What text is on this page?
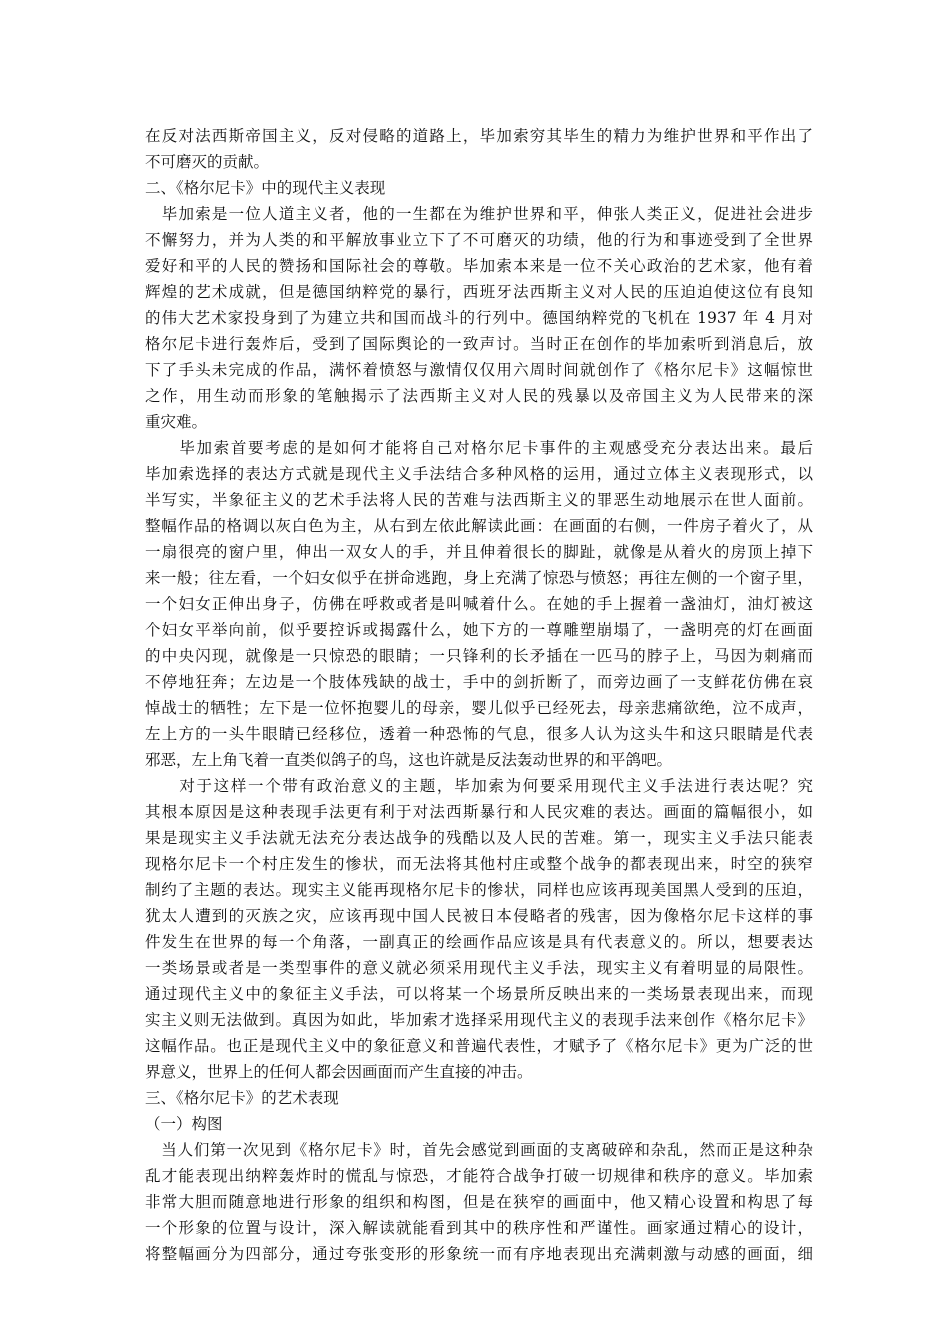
在反对法西斯帝国主义，反对侵略的道路上，毕加索穷其毕生的精力为维护世界和平作出了
不可磨灭的贡献。
二、《格尔尼卡》中的现代主义表现
　毕加索是一位人道主义者，他的一生都在为维护世界和平，伸张人类正义，促进社会进步
不懈努力，并为人类的和平解放事业立下了不可磨灭的功绩，他的行为和事迹受到了全世界
爱好和平的人民的赞扬和国际社会的尊敬。毕加索本来是一位不关心政治的艺术家，他有着
辉煌的艺术成就，但是德国纳粹党的暴行，西班牙法西斯主义对人民的压迫迫使这位有良知
的伟大艺术家投身到了为建立共和国而战斗的行列中。德国纳粹党的飞机在 1937 年 4 月对
格尔尼卡进行轰炸后，受到了国际舆论的一致声讨。当时正在创作的毕加索听到消息后，放
下了手头未完成的作品，满怀着愤怒与激情仅仅用六周时间就创作了《格尔尼卡》这幅惊世
之作，用生动而形象的笔触揭示了法西斯主义对人民的残暴以及帝国主义为人民带来的深
重灾难。
　　毕加索首要考虑的是如何才能将自己对格尔尼卡事件的主观感受充分表达出来。最后
毕加索选择的表达方式就是现代主义手法结合多种风格的运用，通过立体主义表现形式，以
半写实，半象征主义的艺术手法将人民的苦难与法西斯主义的罪恶生动地展示在世人面前。
整幅作品的格调以灰白色为主，从右到左依此解读此画：在画面的右侧，一件房子着火了，从
一扇很亮的窗户里，伸出一双女人的手，并且伸着很长的脚趾，就像是从着火的房顶上掉下
来一般；往左看，一个妇女似乎在拼命逃跑，身上充满了惊恐与愤怒；再往左侧的一个窗子里，
一个妇女正伸出身子，仿佛在呼救或者是叫喊着什么。在她的手上握着一盏油灯，油灯被这
个妇女平举向前，似乎要控诉或揭露什么，她下方的一尊雕塑崩塌了，一盏明亮的灯在画面
的中央闪现，就像是一只惊恐的眼睛；一只锋利的长矛插在一匹马的脖子上，马因为刺痛而
不停地狂奔；左边是一个肢体残缺的战士，手中的剑折断了，而旁边画了一支鲜花仿佛在哀
悼战士的牺牲；左下是一位怀抱婴儿的母亲，婴儿似乎已经死去，母亲悲痛欲绝，泣不成声，
左上方的一头牛眼睛已经移位，透着一种恐怖的气息，很多人认为这头牛和这只眼睛是代表
邪恶，左上角飞着一直类似鸽子的鸟，这也许就是反法轰动世界的和平鸽吧。
　　对于这样一个带有政治意义的主题，毕加索为何要采用现代主义手法进行表达呢？究
其根本原因是这种表现手法更有利于对法西斯暴行和人民灾难的表达。画面的篇幅很小，如
果是现实主义手法就无法充分表达战争的残酷以及人民的苦难。第一，现实主义手法只能表
现格尔尼卡一个村庄发生的惨状，而无法将其他村庄或整个战争的都表现出来，时空的狭窄
制约了主题的表达。现实主义能再现格尔尼卡的惨状，同样也应该再现美国黑人受到的压迫，
犹太人遭到的灭族之灾，应该再现中国人民被日本侵略者的残害，因为像格尔尼卡这样的事
件发生在世界的每一个角落，一副真正的绘画作品应该是具有代表意义的。所以，想要表达
一类场景或者是一类型事件的意义就必须采用现代主义手法，现实主义有着明显的局限性。
通过现代主义中的象征主义手法，可以将某一个场景所反映出来的一类场景表现出来，而现
实主义则无法做到。真因为如此，毕加索才选择采用现代主义的表现手法来创作《格尔尼卡》
这幅作品。也正是现代主义中的象征意义和普遍代表性，才赋予了《格尔尼卡》更为广泛的世
界意义，世界上的任何人都会因画面而产生直接的冲击。
三、《格尔尼卡》的艺术表现
（一）构图
　当人们第一次见到《格尔尼卡》时，首先会感觉到画面的支离破碎和杂乱，然而正是这种杂
乱才能表现出纳粹轰炸时的慌乱与惊恐，才能符合战争打破一切规律和秩序的意义。毕加索
非常大胆而随意地进行形象的组织和构图，但是在狭窄的画面中，他又精心设置和构思了每
一个形象的位置与设计，深入解读就能看到其中的秩序性和严谨性。画家通过精心的设计，
将整幅画分为四部分，通过夸张变形的形象统一而有序地表现出充满刺激与动感的画面，细
